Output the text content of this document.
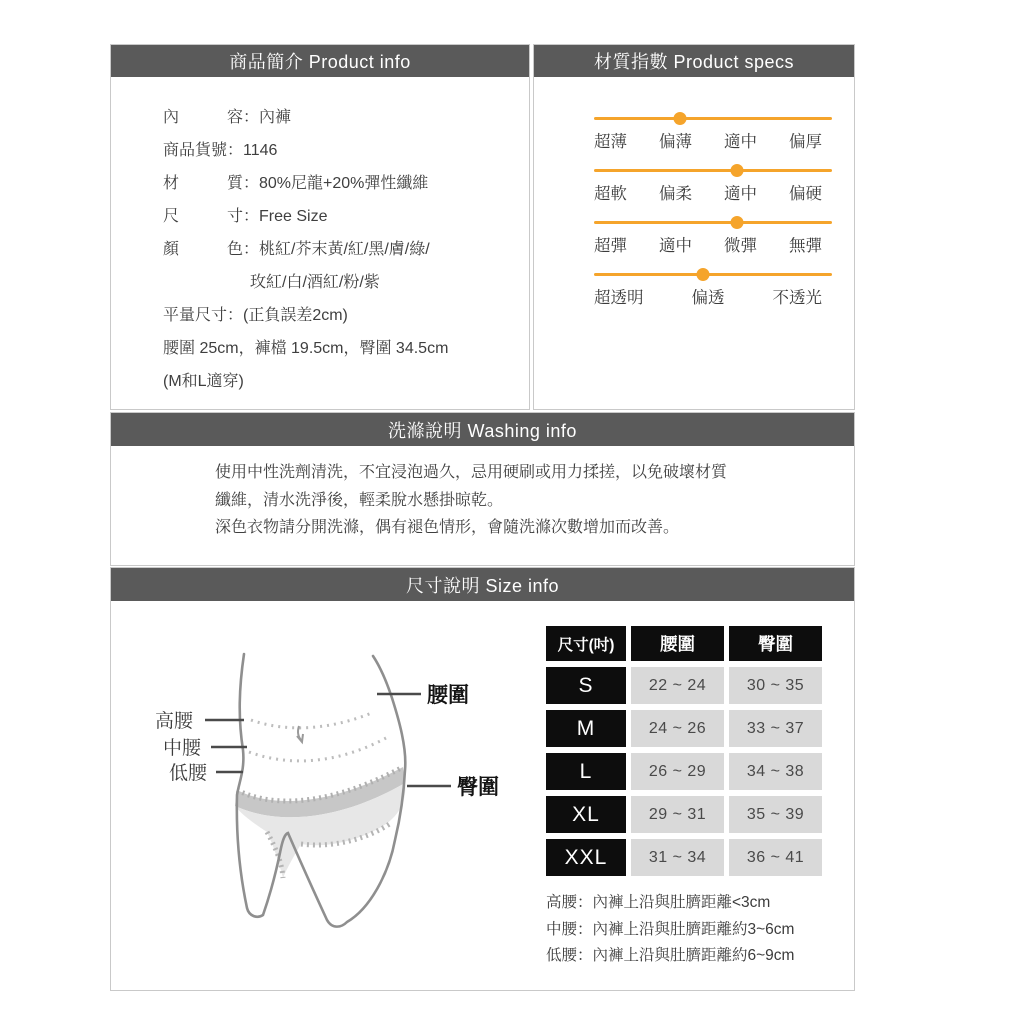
商品簡介 Product info
內　　　容：內褲
商品貨號：1146
材　　　質：80%尼龍+20%彈性纖維
尺　　　寸：Free Size
顏　　　色：桃紅/芥末黃/紅/黑/膚/綠/
玫紅/白/酒紅/粉/紫
平量尺寸：(正負誤差2cm)
腰圍 25cm，褲檔 19.5cm，臀圍 34.5cm
(M和L適穿)
材質指數 Product specs
超薄 偏薄 適中 偏厚
超軟 偏柔 適中 偏硬
超彈 適中 微彈 無彈
超透明	偏透	不透光
洗滌說明 Washing info
使用中性洗劑清洗，不宜浸泡過久，忌用硬刷或用力揉搓，以免破壞材質
纖維，清水洗淨後，輕柔脫水懸掛晾乾。
深色衣物請分開洗滌，偶有褪色情形，會隨洗滌次數增加而改善。
尺寸說明 Size info
腰圍
臀圍
高腰
中腰
低腰
尺寸(吋)	腰圍	臀圍
S	22 ~ 24	30 ~ 35
M	24 ~ 26	33 ~ 37
L	26 ~ 29	34 ~ 38
XL	29 ~ 31	35 ~ 39
XXL	31 ~ 34	36 ~ 41
高腰：內褲上沿與肚臍距離<3cm
中腰：內褲上沿與肚臍距離約3~6cm
低腰：內褲上沿與肚臍距離約6~9cm
